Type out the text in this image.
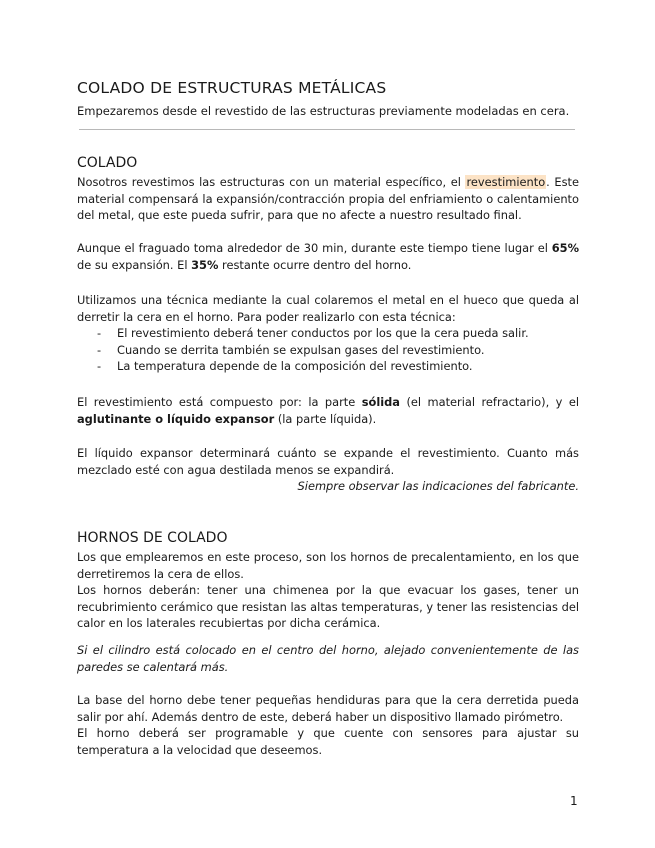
COLADO DE ESTRUCTURAS METÁLICAS

Empezaremos desde el revestido de las estructuras previamente modeladas en cera.

COLADO

Nosotros revestimos las estructuras con un material específico, el revestimiento. Este material compensará la expansión/contracción propia del enfriamiento o calentamiento del metal, que este pueda sufrir, para que no afecte a nuestro resultado final.

Aunque el fraguado toma alrededor de 30 min, durante este tiempo tiene lugar el 65% de su expansión. El 35% restante ocurre dentro del horno.

Utilizamos una técnica mediante la cual colaremos el metal en el hueco que queda al derretir la cera en el horno. Para poder realizarlo con esta técnica:

- El revestimiento deberá tener conductos por los que la cera pueda salir.
- Cuando se derrita también se expulsan gases del revestimiento.
- La temperatura depende de la composición del revestimiento.

El revestimiento está compuesto por: la parte sólida (el material refractario), y el aglutinante o líquido expansor (la parte líquida).

El líquido expansor determinará cuánto se expande el revestimiento. Cuanto más mezclado esté con agua destilada menos se expandirá.

Siempre observar las indicaciones del fabricante.

HORNOS DE COLADO

Los que emplearemos en este proceso, son los hornos de precalentamiento, en los que derretiremos la cera de ellos.

Los hornos deberán: tener una chimenea por la que evacuar los gases, tener un recubrimiento cerámico que resistan las altas temperaturas, y tener las resistencias del calor en los laterales recubiertas por dicha cerámica.

Si el cilindro está colocado en el centro del horno, alejado convenientemente de las paredes se calentará más.

La base del horno debe tener pequeñas hendiduras para que la cera derretida pueda salir por ahí. Además dentro de este, deberá haber un dispositivo llamado pirómetro.

El horno deberá ser programable y que cuente con sensores para ajustar su temperatura a la velocidad que deseemos.

1
